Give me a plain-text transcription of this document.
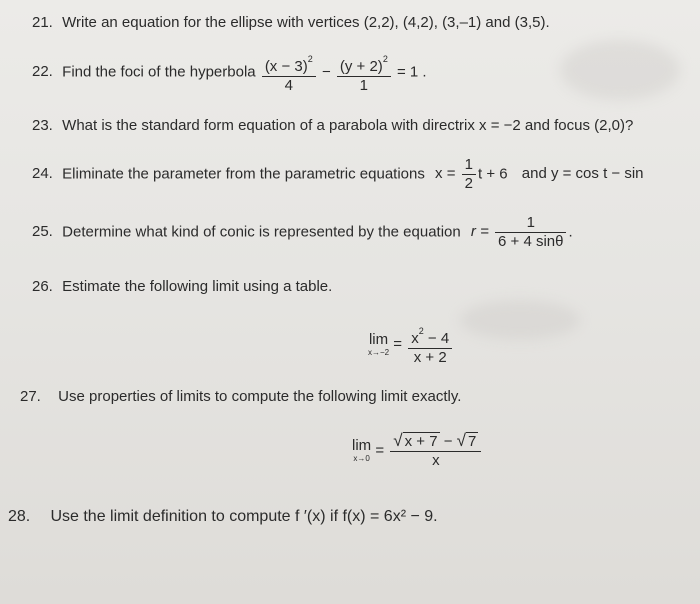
21. Write an equation for the ellipse with vertices (2,2), (4,2), (3,–1) and (3,5).
22. Find the foci of the hyperbola $\frac{(x - 3)^2}{4} - \frac{(y + 2)^2}{1} = 1$ .
23. What is the standard form equation of a parabola with directrix x = −2 and focus (2,0)?
24. Eliminate the parameter from the parametric equations $x = \frac{1}{2}$ t + 6 and y = cos t − sin
25. Determine what kind of conic is represented by the equation $r = \frac{1}{6 + 4 \sin\theta}$ .
26. Estimate the following limit using a table.
lim
$x\to-2 = \frac{x^2 - 4}{x + 2}$
27. Use properties of limits to compute the following limit exactly.
lim
$x\to 0 = \frac{√ x + 7 - √ 7}{x}$
28. Use the limit definition to compute f ′(x) if f(x) = 6x² − 9.
